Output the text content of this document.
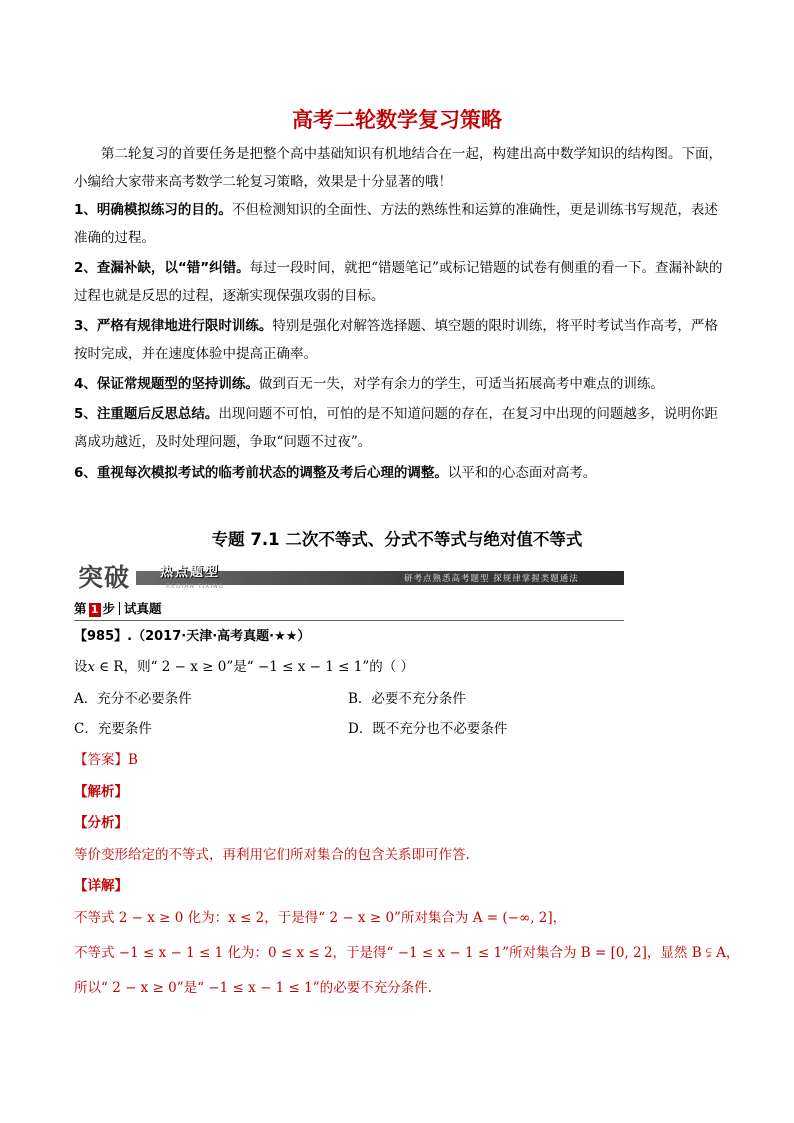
高考二轮数学复习策略

第二轮复习的首要任务是把整个高中基础知识有机地结合在一起，构建出高中数学知识的结构图。下面，小编给大家带来高考数学二轮复习策略，效果是十分显著的哦！

1、明确模拟练习的目的。不但检测知识的全面性、方法的熟练性和运算的准确性，更是训练书写规范，表述准确的过程。

2、查漏补缺，以“错”纠错。每过一段时间，就把“错题笔记”或标记错题的试卷有侧重的看一下。查漏补缺的过程也就是反思的过程，逐渐实现保强攻弱的目标。

3、严格有规律地进行限时训练。特别是强化对解答选择题、填空题的限时训练，将平时考试当作高考，严格按时完成，并在速度体验中提高正确率。

4、保证常规题型的坚持训练。做到百无一失，对学有余力的学生，可适当拓展高考中难点的训练。

5、注重题后反思总结。出现问题不可怕，可怕的是不知道问题的存在，在复习中出现的问题越多，说明你距离成功越近，及时处理问题，争取“问题不过夜”。

6、重视每次模拟考试的临考前状态的调整及考后心理的调整。以平和的心态面对高考。

专题 7.1 二次不等式、分式不等式与绝对值不等式
突破 热点题型
REDIAN TIXING
研考点熟悉高考题型 探规律掌握类题通法
第 1 步 试真题

【985】.（2017·天津·高考真题·★★）

设x ∈ R，则“ 2 − x ≥ 0”是“ −1 ≤ x − 1 ≤ 1”的（ ）

A．充分不必要条件	B．必要不充分条件

C．充要条件	D．既不充分也不必要条件

【答案】B

【解析】

【分析】

等价变形给定的不等式，再利用它们所对集合的包含关系即可作答.

【详解】

不等式 2 − x ≥ 0 化为：x ≤ 2，于是得“ 2 − x ≥ 0”所对集合为 A = (−∞, 2]，

不等式 −1 ≤ x − 1 ≤ 1 化为：0 ≤ x ≤ 2，于是得“ −1 ≤ x − 1 ≤ 1”所对集合为 B = [0, 2]，显然 B ⫋ A，

所以“ 2 − x ≥ 0”是“ −1 ≤ x − 1 ≤ 1”的必要不充分条件.
